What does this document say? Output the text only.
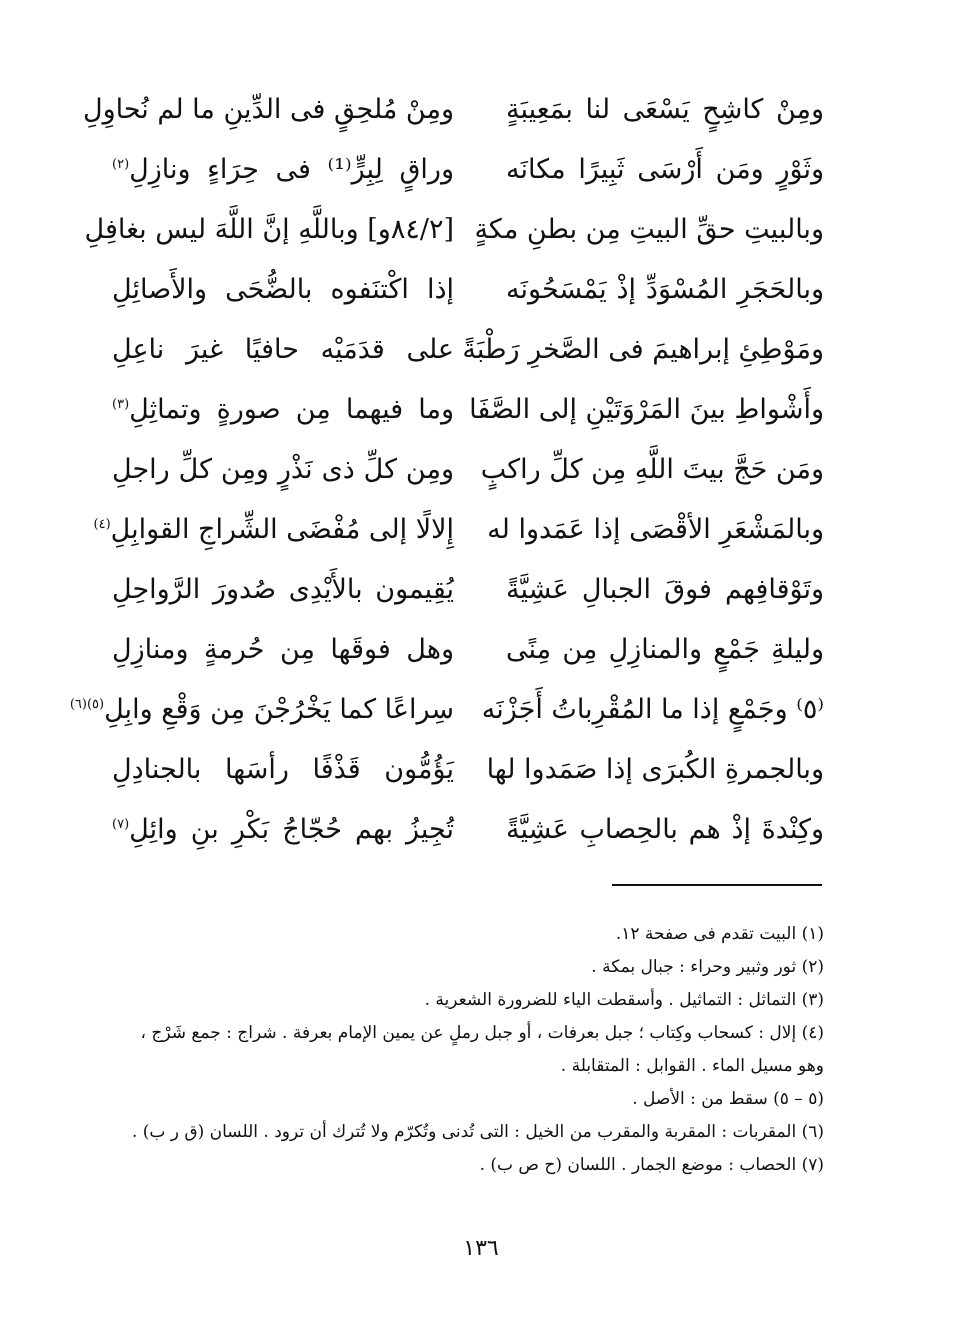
ومِنْ كاشِحٍ يَسْعَى لنا بمَعِيبَةٍ
ومِنْ مُلحِقٍ فى الدِّينِ ما لم نُحاوِلِ
وثَوْرٍ ومَن أَرْسَى ثَبِيرًا مكانَه
وراقٍ لِبِرٍّ⁽¹⁾ فى حِرَاءٍ ونازِلِ$^{(٢)}$
وبالبيتِ حقِّ البيتِ مِن بطنِ مكةٍ
[٨٤/٢و] وباللَّهِ إنَّ اللَّهَ ليس بغافِلِ
وبالحَجَرِ المُسْوَدِّ إذْ يَمْسَحُونَه
إذا اكْتنَفوه بالضُّحَى والأَصائِلِ
ومَوْطِئِ إبراهيمَ فى الصَّخرِ رَطْبَةً
على قدَمَيْه حافيًا غيرَ ناعِلِ
وأَشْواطِ بينَ المَرْوَتَيْنِ إلى الصَّفَا
وما فيهما مِن صورةٍ وتماثِلِ$^{(٣)}$
ومَن حَجَّ بيتَ اللَّهِ مِن كلِّ راكبٍ
ومِن كلِّ ذى نَذْرٍ ومِن كلِّ راجلِ
وبالمَشْعَرِ الأقْصَى إذا عَمَدوا له
إِلالًا إلى مُفْضَى الشِّراجِ القوابِلِ$^{(٤)}$
وتَوْقافِهم فوقَ الجبالِ عَشِيَّةً
يُقِيمون بالأَيْدِى صُدورَ الرَّواحِلِ
وليلةِ جَمْعٍ والمنازِلِ مِن مِنًى
وهل فوقَها مِن حُرمةٍ ومنازِلِ
⁽٥⁾ وجَمْعٍ إذا ما المُقْرِباتُ أَجَزْنَه
سِراعًا كما يَخْرُجْنَ مِن وَقْعِ وابِلِ$^{(٥)(٦)}$
وبالجمرةِ الكُبرَى إذا صَمَدوا لها
يَؤُمُّون قَذْفًا رأسَها بالجنادِلِ
وكِنْدةَ إذْ هم بالحِصابِ عَشِيَّةً
تُجِيزُ بهم حُجّاجُ بَكْرِ بنِ وائِلِ$^{(٧)}$
(١) البيت تقدم فى صفحة ١٢.
(٢) ثور وثبير وحراء : جبال بمكة .
(٣) التماثل : التماثيل . وأسقطت الياء للضرورة الشعرية .
(٤) إلال : كسحاب وكِتاب ؛ جبل بعرفات ، أو جبل رملٍ عن يمين الإمام بعرفة . شراج : جمع شَرْج ،
وهو مسيل الماء . القوابل : المتقابلة .
(٥ – ٥) سقط من : الأصل .
(٦) المقربات : المقربة والمقرب من الخيل : التى تُدنى وتُكرّم ولا تُترك أن ترود . اللسان (ق ر ب) .
(٧) الحصاب : موضع الجمار . اللسان (ح ص ب) .
١٣٦
